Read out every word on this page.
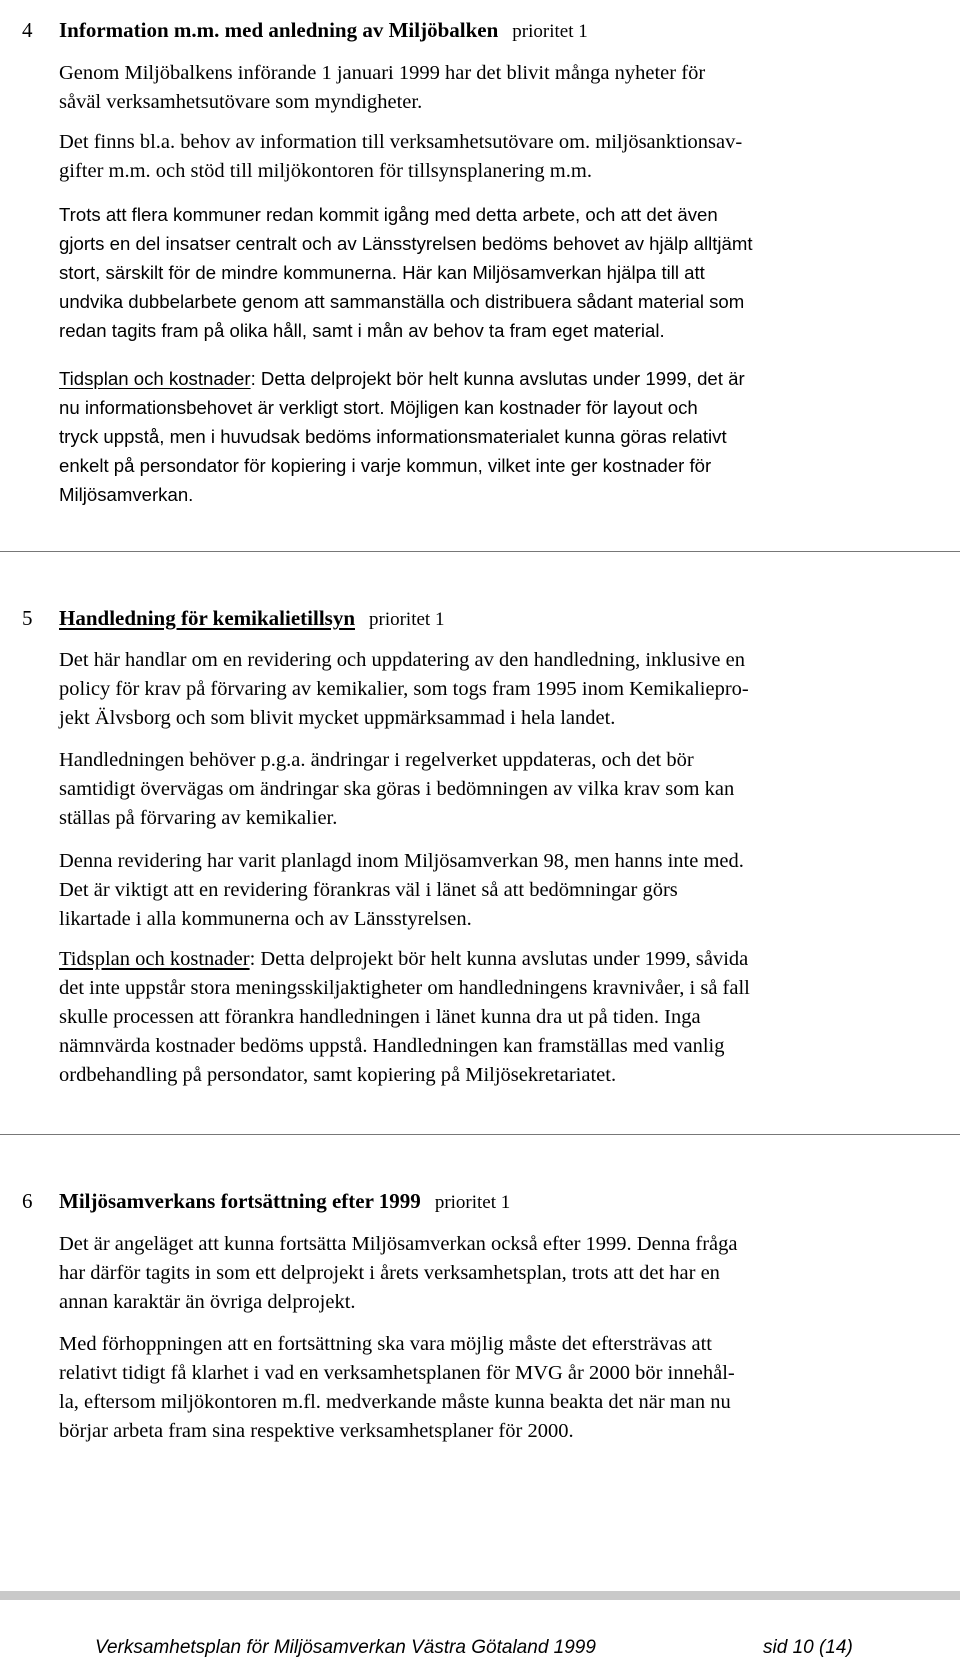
4 Information m.m. med anledning av Miljöbalken prioritet 1
Genom Miljöbalkens införande 1 januari 1999 har det blivit många nyheter för
såväl verksamhetsutövare som myndigheter.
Det finns bl.a. behov av information till verksamhetsutövare om. miljösanktionsav-
gifter m.m. och stöd till miljökontoren för tillsynsplanering m.m.
Trots att flera kommuner redan kommit igång med detta arbete, och att det även
gjorts en del insatser centralt och av Länsstyrelsen bedöms behovet av hjälp alltjämt
stort, särskilt för de mindre kommunerna. Här kan Miljösamverkan hjälpa till att
undvika dubbelarbete genom att sammanställa och distribuera sådant material som
redan tagits fram på olika håll, samt i mån av behov ta fram eget material.
Tidsplan och kostnader: Detta delprojekt bör helt kunna avslutas under 1999, det är
nu informationsbehovet är verkligt stort. Möjligen kan kostnader för layout och
tryck uppstå, men i huvudsak bedöms informationsmaterialet kunna göras relativt
enkelt på persondator för kopiering i varje kommun, vilket inte ger kostnader för
Miljösamverkan.
5 Handledning för kemikalietillsyn prioritet 1
Det här handlar om en revidering och uppdatering av den handledning, inklusive en
policy för krav på förvaring av kemikalier, som togs fram 1995 inom Kemikaliepro-
jekt Älvsborg och som blivit mycket uppmärksammad i hela landet.
Handledningen behöver p.g.a. ändringar i regelverket uppdateras, och det bör
samtidigt övervägas om ändringar ska göras i bedömningen av vilka krav som kan
ställas på förvaring av kemikalier.
Denna revidering har varit planlagd inom Miljösamverkan 98, men hanns inte med.
Det är viktigt att en revidering förankras väl i länet så att bedömningar görs
likartade i alla kommunerna och av Länsstyrelsen.
Tidsplan och kostnader: Detta delprojekt bör helt kunna avslutas under 1999, såvida
det inte uppstår stora meningsskiljaktigheter om handledningens kravnivåer, i så fall
skulle processen att förankra handledningen i länet kunna dra ut på tiden. Inga
nämnvärda kostnader bedöms uppstå. Handledningen kan framställas med vanlig
ordbehandling på persondator, samt kopiering på Miljösekretariatet.
6 Miljösamverkans fortsättning efter 1999 prioritet 1
Det är angeläget att kunna fortsätta Miljösamverkan också efter 1999. Denna fråga
har därför tagits in som ett delprojekt i årets verksamhetsplan, trots att det har en
annan karaktär än övriga delprojekt.
Med förhoppningen att en fortsättning ska vara möjlig måste det eftersträvas att
relativt tidigt få klarhet i vad en verksamhetsplanen för MVG år 2000 bör innehål-
la, eftersom miljökontoren m.fl. medverkande måste kunna beakta det när man nu
börjar arbeta fram sina respektive verksamhetsplaner för 2000.
Verksamhetsplan för Miljösamverkan Västra Götaland 1999	sid 10 (14)
